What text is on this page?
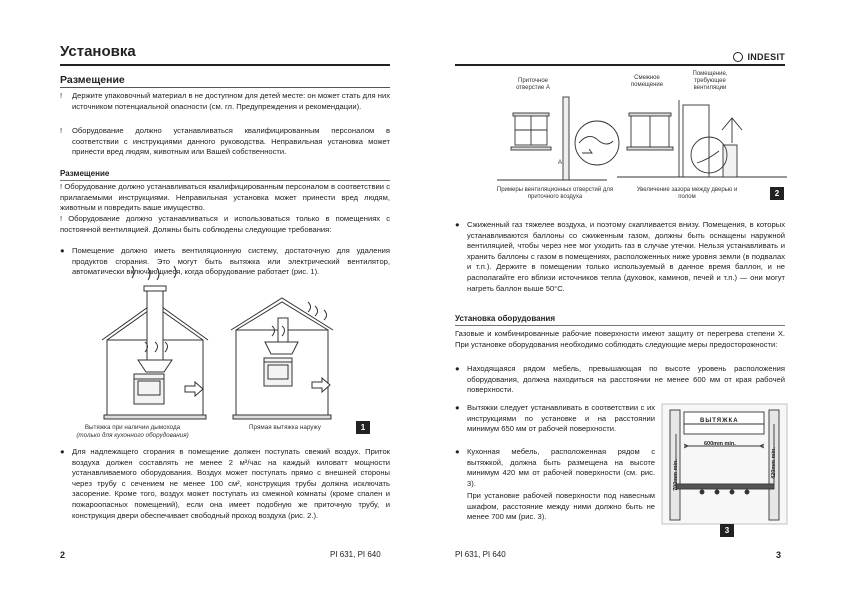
Установка
Размещение
! Держите упаковочный материал в не доступном для детей месте: он может стать для них источником потенциальной опасности (см. гл. Предупреждения и рекомендации).
! Оборудование должно устанавливаться квалифицированным персоналом в соответствии с инструкциями данного руководства. Неправильная установка может принести вред людям, животным или Вашей собственности.
Размещение
! Оборудование должно устанавливаться квалифицированным персоналом в соответствии с прилагаемыми инструкциями. Неправильная установка может принести вред людям, животным и повредить ваше имущество.
! Оборудование должно устанавливаться и использоваться только в помещениях с постоянной вентиляцией. Должны быть соблюдены следующие требования:
● Помещение должно иметь вентиляционную систему, достаточную для удаления продуктов сгорания. Это могут быть вытяжка или электрический вентилятор, автоматически включающиеся, когда оборудование работает (рис. 1).
Вытяжка при наличии дымохода
(только для кухонного оборудования)
Прямая вытяжка наружу	1
● Для надлежащего сгорания в помещение должен поступать свежий воздух. Приток воздуха должен составлять не менее 2 м³/час на каждый киловатт мощности устанавливаемого оборудования. Воздух может поступать прямо с внешней стороны через трубу с сечением не менее 100 см², конструкция трубы должна исключать засорение. Кроме того, воздух может поступать из смежной комнаты (кроме спален и пожароопасных помещений), если она имеет подобную же приточную трубу, и конструкция двери обеспечивает свободный проход воздуха (рис. 2.).
2	PI 631, PI 640
INDESIT
Приточное отверстие А
Смежное помещение
Помещение, требующее вентиляции
A
Примеры вентиляционных отверстий для приточного воздуха
Увеличение зазора между дверью и полом	2
● Сжиженный газ тяжелее воздуха, и поэтому скапливается внизу. Помещения, в которых устанавливаются баллоны со сжиженным газом, должны быть оснащены наружной вентиляцией, чтобы через нее мог уходить газ в случае утечки. Нельзя устанавливать и хранить баллоны с газом в помещениях, расположенных ниже уровня земли (в подвалах и т.п.). Держите в помещении только используемый в данное время баллон, и не располагайте его вблизи источников тепла (духовок, каминов, печей и т.п.) — они могут нагреть баллон выше 50°C.
Установка оборудования
Газовые и комбинированные рабочие поверхности имеют защиту от перегрева степени X. При установке оборудования необходимо соблюдать следующие меры предосторожности:
● Находящаяся рядом мебель, превышающая по высоте уровень расположения оборудования, должна находиться на расстоянии не менее 600 мм от края рабочей поверхности.
● Вытяжки следует устанавливать в соответствии с их инструкциями по установке и на расстоянии минимум 650 мм от рабочей поверхности.
● Кухонная мебель, расположенная рядом с вытяжкой, должна быть размещена на высоте минимум 420 мм от рабочей поверхности (см. рис. 3).
При установке рабочей поверхности под навесным шкафом, расстояние между ними должно быть не менее 700 мм (рис. 3).
ВЫТЯЖКА
600mm min.
700mm min.	420mm min.
3
PI 631, PI 640	3
